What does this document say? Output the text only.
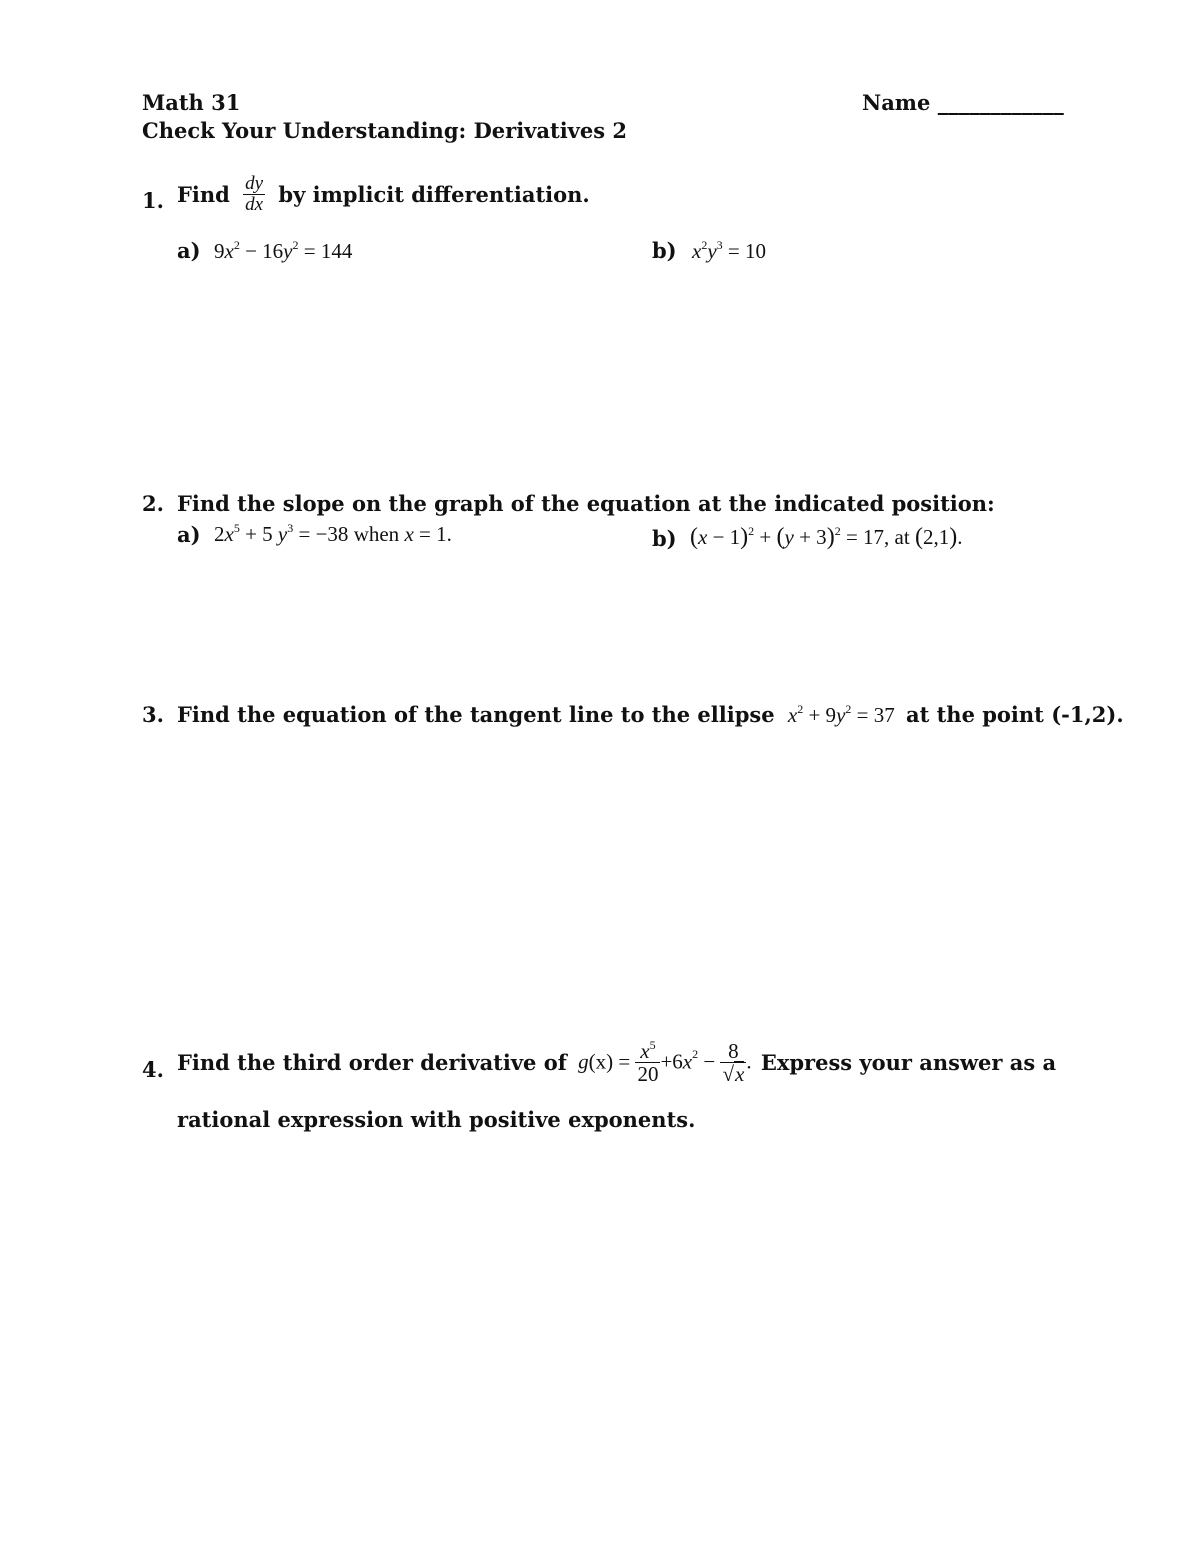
Math 31
Check Your Understanding: Derivatives 2
Name ____________
1. Find $\frac{dy}{dx}$ by implicit differentiation.
a) $9x^2 - 16y^2 = 144$	b) $x^2y^3 = 10$
2. Find the slope on the graph of the equation at the indicated position:
a) $2x^5 + 5$ $y^3 = -38$ when x = 1.	b) $(x - 1)^2 + (y + 3)^2 = 17$, at (2,1).
3. Find the equation of the tangent line to the ellipse $x^2 + 9y^2 = 37$ at the point (-1,2).
4. Find the third order derivative of $g(x) = \frac{x^5}{20} +6x^2 - \frac{8}{√x}$ . Express your answer as a
rational expression with positive exponents.
